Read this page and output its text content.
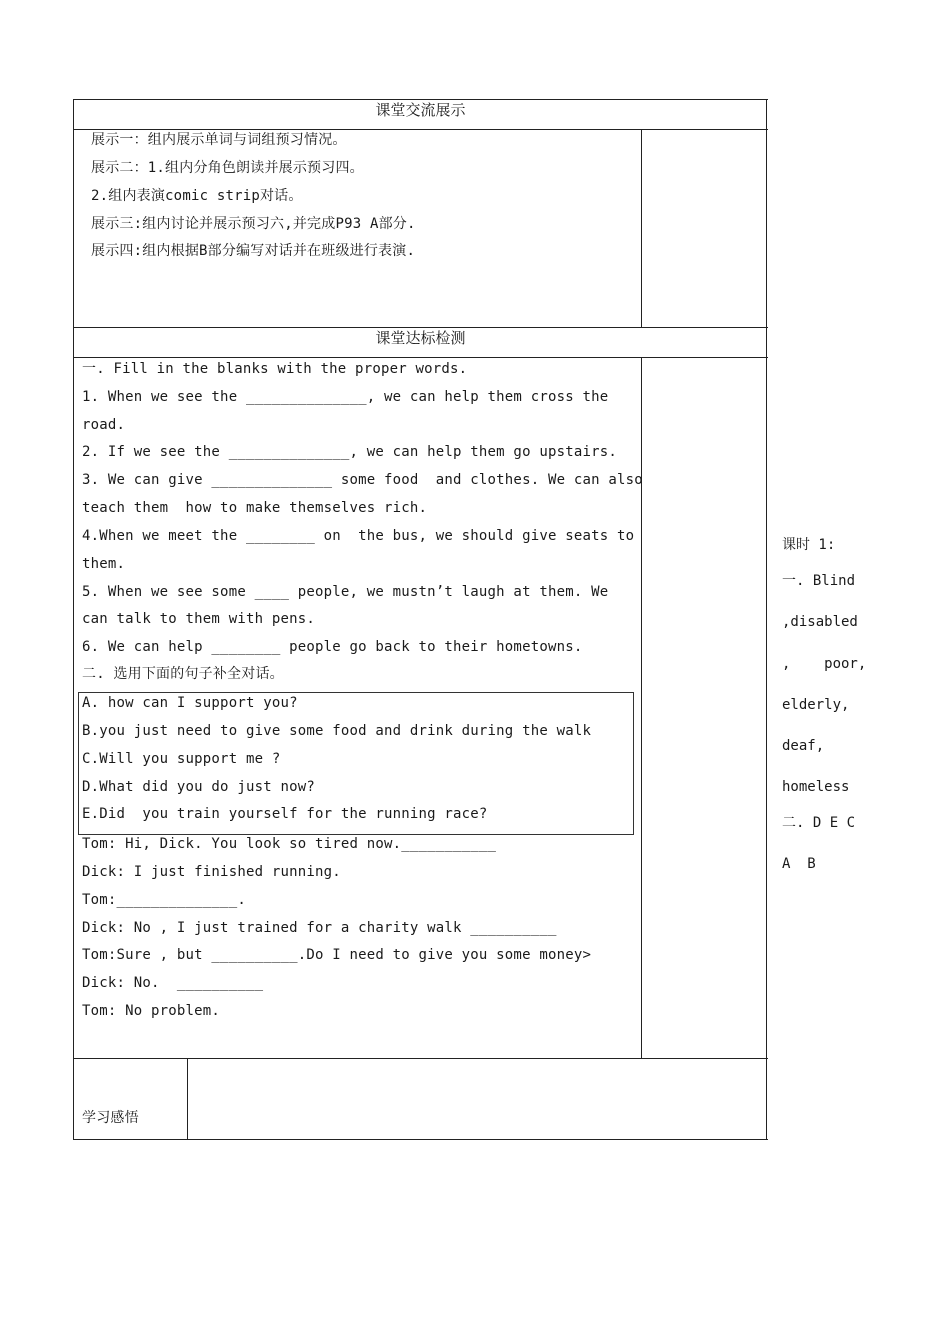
课堂交流展示
展示一：组内展示单词与词组预习情况。
展示二：1.组内分角色朗读并展示预习四。
2.组内表演comic strip对话。
展示三:组内讨论并展示预习六,并完成P93 A部分.
展示四:组内根据B部分编写对话并在班级进行表演.
课堂达标检测
一. Fill in the blanks with the proper words.
1. When we see the ______________, we can help them cross the
road.
2. If we see the ______________, we can help them go upstairs.
3. We can give ______________ some food  and clothes. We can also
teach them  how to make themselves rich.
4.When we meet the ________ on  the bus, we should give seats to
them.
5. When we see some ____ people, we mustn’t laugh at them. We
can talk to them with pens.
6. We can help ________ people go back to their hometowns.
二. 选用下面的句子补全对话。
A. how can I support you?
B.you just need to give some food and drink during the walk
C.Will you support me ?
D.What did you do just now?
E.Did  you train yourself for the running race?
Tom: Hi, Dick. You look so tired now.___________
Dick: I just finished running.
Tom:______________.
Dick: No , I just trained for a charity walk __________
Tom:Sure , but __________.Do I need to give you some money>
Dick: No.  __________
Tom: No problem.
学习感悟
课时 1:
一. Blind
,disabled
,    poor,
elderly,
deaf,
homeless
二. D E C
A  B
